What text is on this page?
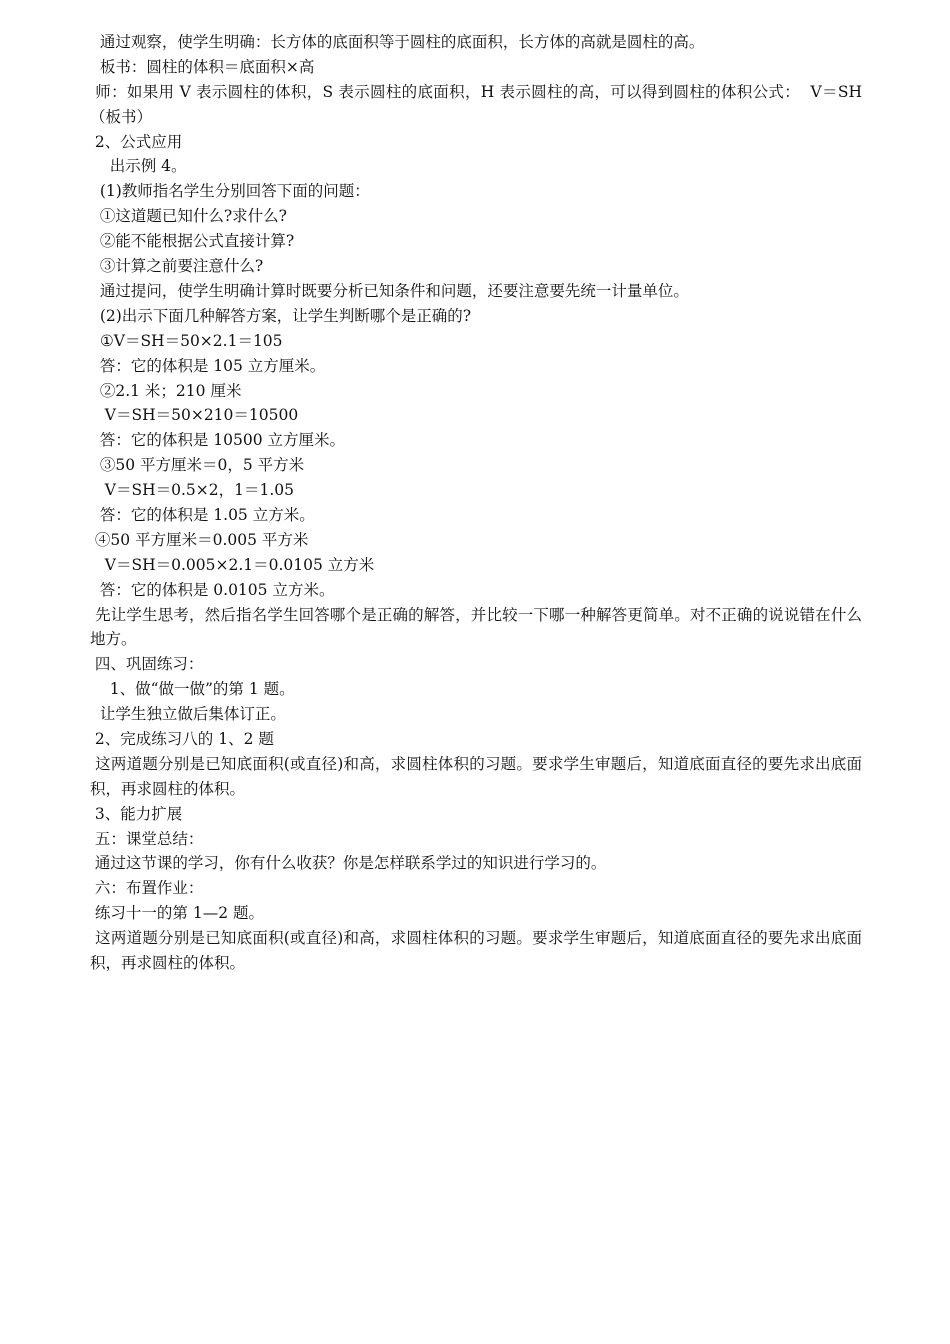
通过观察，使学生明确：长方体的底面积等于圆柱的底面积，长方体的高就是圆柱的高。
板书：圆柱的体积＝底面积×高
师：如果用 V 表示圆柱的体积，S 表示圆柱的底面积，H 表示圆柱的高，可以得到圆柱的体积公式：  V＝SH（板书）
2、公式应用
出示例 4。
(1)教师指名学生分别回答下面的问题：
①这道题已知什么?求什么?
②能不能根据公式直接计算?
③计算之前要注意什么?
通过提问，使学生明确计算时既要分析已知条件和问题，还要注意要先统一计量单位。
(2)出示下面几种解答方案，让学生判断哪个是正确的?
①V＝SH＝50×2.1＝105
答：它的体积是 105 立方厘米。
②2.1 米；210 厘米
V＝SH＝50×210＝10500
答：它的体积是 10500 立方厘米。
③50 平方厘米＝0，5 平方米
V＝SH＝0.5×2，1＝1.05
答：它的体积是 1.05 立方米。
④50 平方厘米＝0.005 平方米
V＝SH＝0.005×2.1＝0.0105 立方米
答：它的体积是 0.0105 立方米。
先让学生思考，然后指名学生回答哪个是正确的解答，并比较一下哪一种解答更简单。对不正确的说说错在什么地方。
四、巩固练习：
1、做“做一做”的第 1 题。
让学生独立做后集体订正。
2、完成练习八的 1、2 题
这两道题分别是已知底面积(或直径)和高，求圆柱体积的习题。要求学生审题后，知道底面直径的要先求出底面积，再求圆柱的体积。
3、能力扩展
五：课堂总结：
通过这节课的学习，你有什么收获？你是怎样联系学过的知识进行学习的。
六：布置作业：
练习十一的第 1—2 题。
这两道题分别是已知底面积(或直径)和高，求圆柱体积的习题。要求学生审题后，知道底面直径的要先求出底面积，再求圆柱的体积。
